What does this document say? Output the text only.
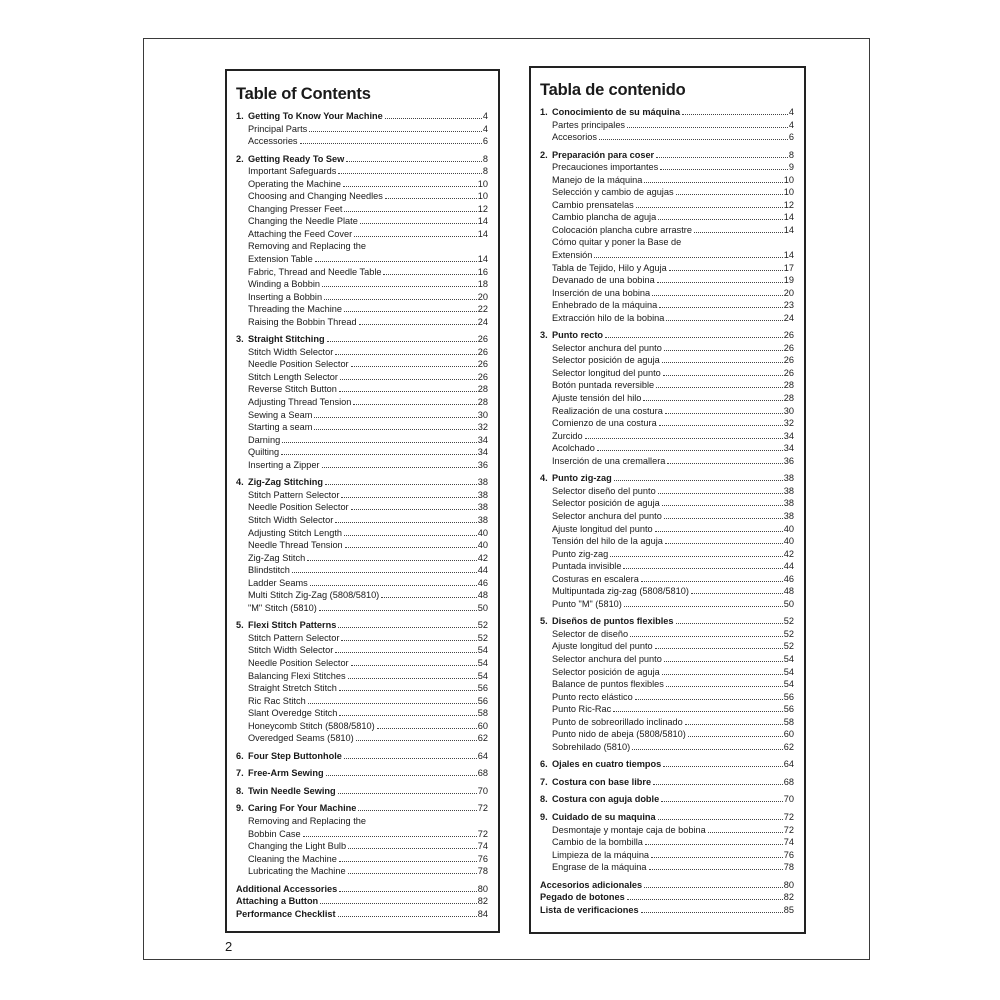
Table of Contents
1. Getting To Know Your Machine	4
Principal Parts	4
Accessories	6
2. Getting Ready To Sew	8
Important Safeguards	8
Operating the Machine	10
Choosing and Changing Needles	10
Changing Presser Feet	12
Changing the Needle Plate	14
Attaching the Feed Cover	14
Removing and Replacing the
Extension Table	14
Fabric, Thread and Needle Table	16
Winding a Bobbin	18
Inserting a Bobbin	20
Threading the Machine	22
Raising the Bobbin Thread	24
3. Straight Stitching	26
Stitch Width Selector	26
Needle Position Selector	26
Stitch Length Selector	26
Reverse Stitch Button	28
Adjusting Thread Tension	28
Sewing a Seam	30
Starting a seam	32
Darning	34
Quilting	34
Inserting a Zipper	36
4. Zig-Zag Stitching	38
Stitch Pattern Selector	38
Needle Position Selector	38
Stitch Width Selector	38
Adjusting Stitch Length	40
Needle Thread Tension	40
Zig-Zag Stitch	42
Blindstitch	44
Ladder Seams	46
Multi Stitch Zig-Zag (5808/5810)	48
"M" Stitch (5810)	50
5. Flexi Stitch Patterns	52
Stitch Pattern Selector	52
Stitch Width Selector	54
Needle Position Selector	54
Balancing Flexi Stitches	54
Straight Stretch Stitch	56
Ric Rac Stitch	56
Slant Overedge Stitch	58
Honeycomb Stitch (5808/5810)	60
Overedged Seams (5810)	62
6. Four Step Buttonhole	64
7. Free-Arm Sewing	68
8. Twin Needle Sewing	70
9. Caring For Your Machine	72
Removing and Replacing the
Bobbin Case	72
Changing the Light Bulb	74
Cleaning the Machine	76
Lubricating the Machine	78
Additional Accessories	80
Attaching a Button	82
Performance Checklist	84
Tabla de contenido
1. Conocimiento de su máquina	4
Partes principales	4
Accesorios	6
2. Preparación para coser	8
Precauciones importantes	9
Manejo de la máquina	10
Selección y cambio de agujas	10
Cambio prensatelas	12
Cambio plancha de aguja	14
Colocación plancha cubre arrastre	14
Cómo quitar y poner la Base de
Extensión	14
Tabla de Tejido, Hilo y Aguja	17
Devanado de una bobina	19
Inserción de una bobina	20
Enhebrado de la máquina	23
Extracción hilo de la bobina	24
3. Punto recto	26
Selector anchura del punto	26
Selector posición de aguja	26
Selector longitud del punto	26
Botón puntada reversible	28
Ajuste tensión del hilo	28
Realización de una costura	30
Comienzo de una costura	32
Zurcido	34
Acolchado	34
Inserción de una cremallera	36
4. Punto zig-zag	38
Selector diseño del punto	38
Selector posición de aguja	38
Selector anchura del punto	38
Ajuste longitud del punto	40
Tensión del hilo de la aguja	40
Punto zig-zag	42
Puntada invisible	44
Costuras en escalera	46
Multipuntada zig-zag (5808/5810)	48
Punto "M" (5810)	50
5. Diseños de puntos flexibles	52
Selector de diseño	52
Ajuste longitud del punto	52
Selector anchura del punto	54
Selector posición de aguja	54
Balance de puntos flexibles	54
Punto recto elástico	56
Punto Ric-Rac	56
Punto de sobreorillado inclinado	58
Punto nido de abeja (5808/5810)	60
Sobrehilado (5810)	62
6. Ojales en cuatro tiempos	64
7. Costura con base libre	68
8. Costura con aguja doble	70
9. Cuidado de su maquina	72
Desmontaje y montaje caja de bobina	72
Cambio de la bombilla	74
Limpieza de la máquina	76
Engrase de la máquina	78
Accesorios adicionales	80
Pegado de botones	82
Lista de verificaciones	85
2
